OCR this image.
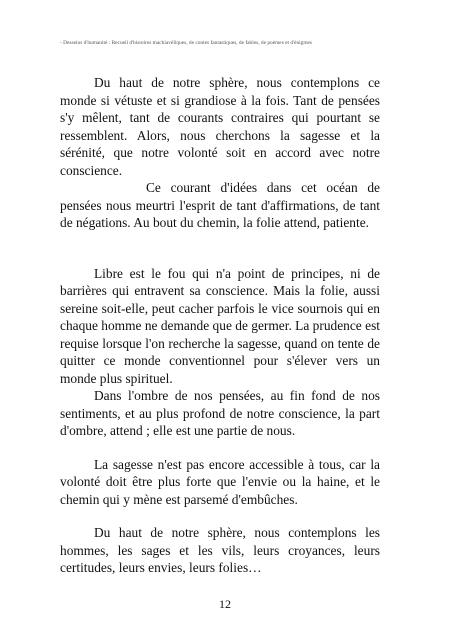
- Desseins d'humanité : Recueil d'histoires machiavéliques, de contes fantastiques, de fables, de poèmes et d'énigmes

Du haut de notre sphère, nous contemplons ce monde si vétuste et si grandiose à la fois. Tant de pensées s'y mêlent, tant de courants contraires qui pourtant se ressemblent. Alors, nous cherchons la sagesse et la sérénité, que notre volonté soit en accord avec notre conscience.

Ce courant d'idées dans cet océan de pensées nous meurtri l'esprit de tant d'affirmations, de tant de négations. Au bout du chemin, la folie attend, patiente.

Libre est le fou qui n'a point de principes, ni de barrières qui entravent sa conscience. Mais la folie, aussi sereine soit-elle, peut cacher parfois le vice sournois qui en chaque homme ne demande que de germer. La prudence est requise lorsque l'on recherche la sagesse, quand on tente de quitter ce monde conventionnel pour s'élever vers un monde plus spirituel.

Dans l'ombre de nos pensées, au fin fond de nos sentiments, et au plus profond de notre conscience, la part d'ombre, attend ; elle est une partie de nous.

La sagesse n'est pas encore accessible à tous, car la volonté doit être plus forte que l'envie ou la haine, et le chemin qui y mène est parsemé d'embûches.

Du haut de notre sphère, nous contemplons les hommes, les sages et les vils, leurs croyances, leurs certitudes, leurs envies, leurs folies…

12
